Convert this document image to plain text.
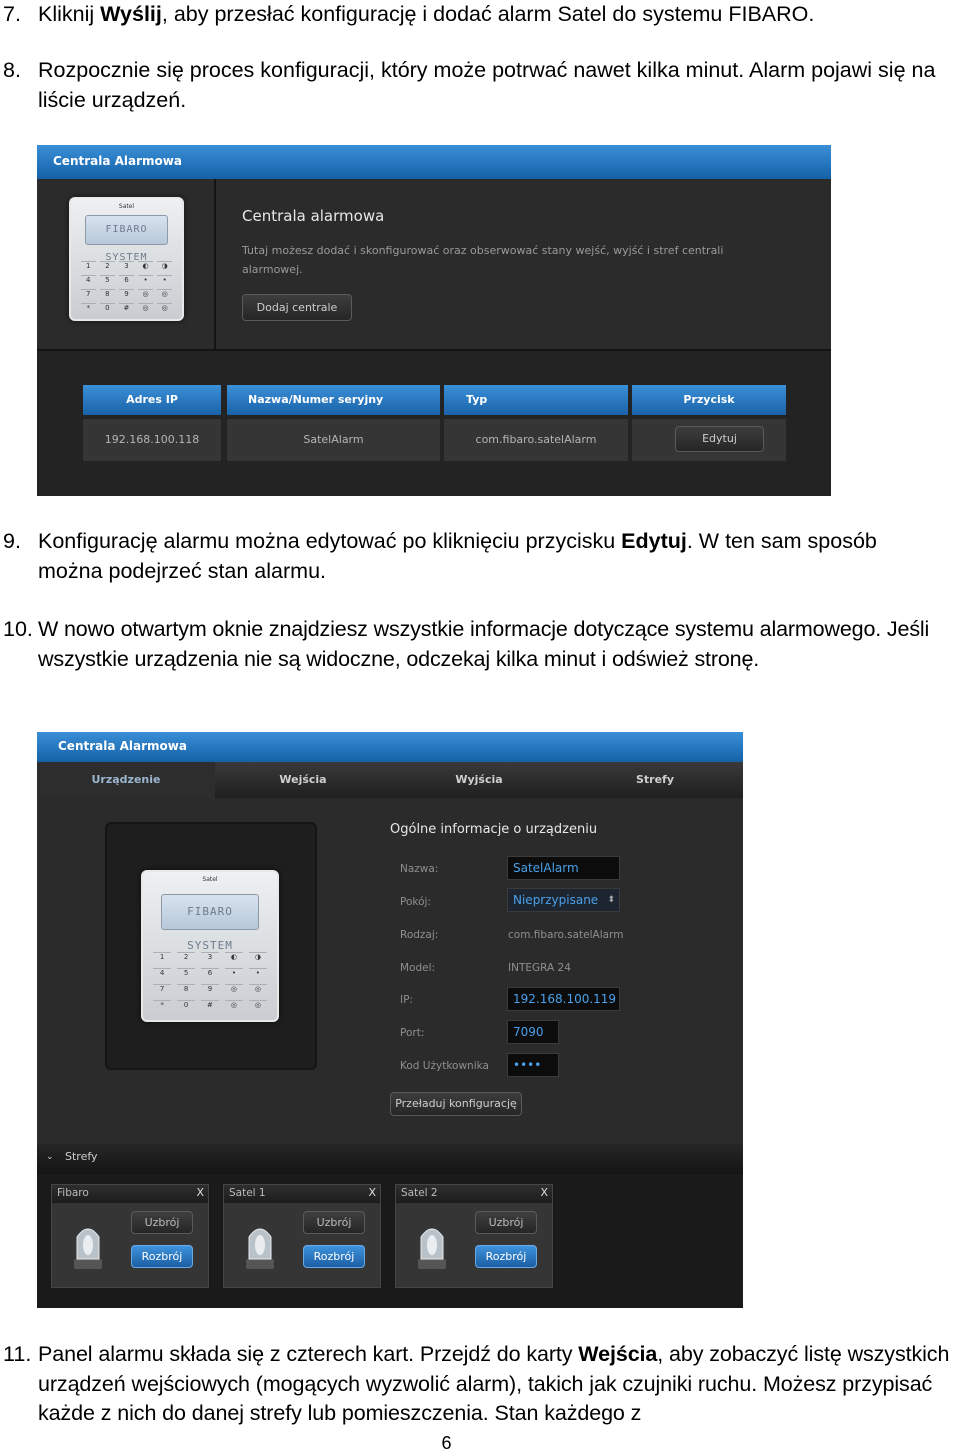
7. Kliknij Wyślij, aby przesłać konfigurację i dodać alarm Satel do systemu FIBARO.
8. Rozpocznie się proces konfiguracji, który może potrwać nawet kilka minut. Alarm pojawi się na liście urządzeń.
Centrala Alarmowa
Satel
FIBARO SYSTEM
1	2	3	◐	◑
4	5	6	•	•
7	8	9	◎	◎
*	0	#	◎	◎
Centrala alarmowa
Tutaj możesz dodać i skonfigurować oraz obserwować stany wejść, wyjść i stref centrali alarmowej.
Dodaj centrale
Adres IP	Nazwa/Numer seryjny	Typ	Przycisk
192.168.100.118	SatelAlarm	com.fibaro.satelAlarm	Edytuj
9. Konfigurację alarmu można edytować po kliknięciu przycisku Edytuj. W ten sam sposób można podejrzeć stan alarmu.
10. W nowo otwartym oknie znajdziesz wszystkie informacje dotyczące systemu alarmowego. Jeśli wszystkie urządzenia nie są widoczne, odczekaj kilka minut i odśwież stronę.
Centrala Alarmowa
Urządzenie	Wejścia	Wyjścia	Strefy
Satel
FIBARO SYSTEM
1	2	3	◐	◑
4	5	6	•	•
7	8	9	◎	◎
*	0	#	◎	◎
Ogólne informacje o urządzeniu
Nazwa:	SatelAlarm
Pokój:	Nieprzypisane ⬍
Rodzaj:	com.fibaro.satelAlarm
Model:	INTEGRA 24
IP:	192.168.100.119
Port:	7090
Kod Użytkownika	••••
Przeładuj konfigurację
⌄ Strefy
Fibaro	X
Uzbrój
Rozbrój
Satel 1	X
Uzbrój
Rozbrój
Satel 2	X
Uzbrój
Rozbrój
11. Panel alarmu składa się z czterech kart. Przejdź do karty Wejścia, aby zobaczyć listę wszystkich urządzeń wejściowych (mogących wyzwolić alarm), takich jak czujniki ruchu. Możesz przypisać każde z nich do danej strefy lub pomieszczenia. Stan każdego z
6
